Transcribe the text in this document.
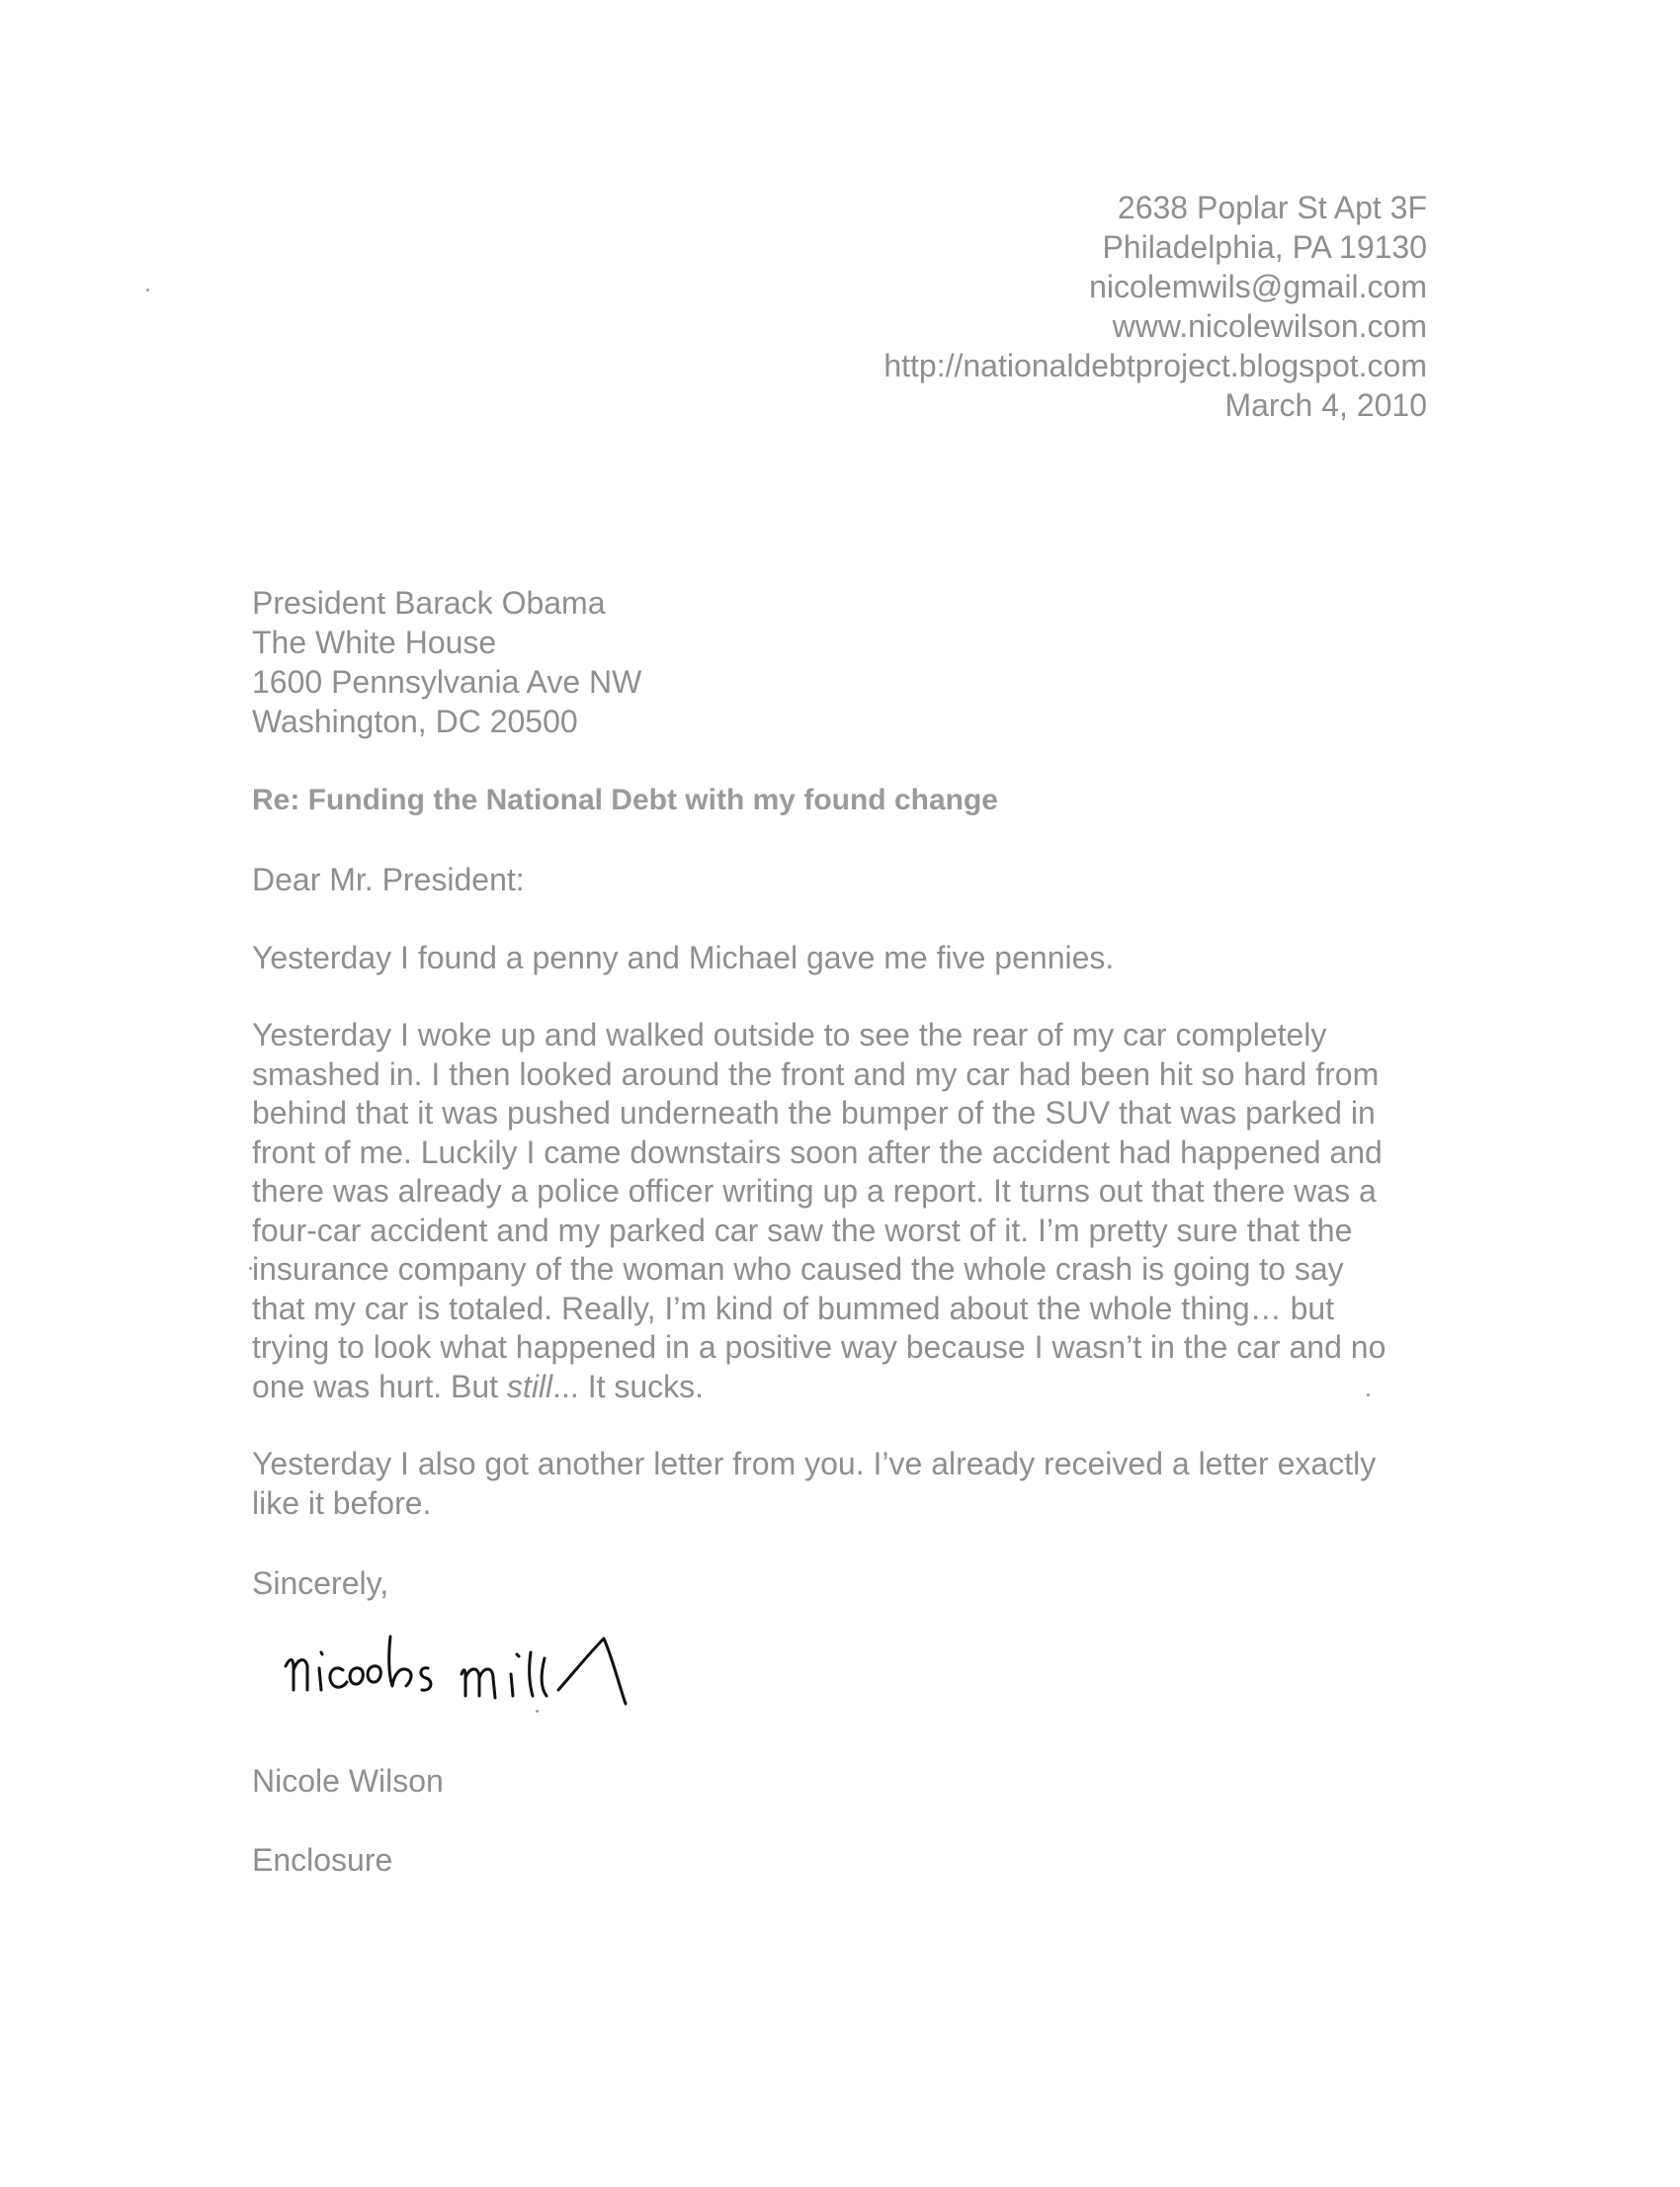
2638 Poplar St Apt 3F
Philadelphia, PA 19130
nicolemwils@gmail.com
www.nicolewilson.com
http://nationaldebtproject.blogspot.com
March 4, 2010
President Barack Obama
The White House
1600 Pennsylvania Ave NW
Washington, DC 20500
Re: Funding the National Debt with my found change
Dear Mr. President:
Yesterday I found a penny and Michael gave me five pennies.
Yesterday I woke up and walked outside to see the rear of my car completely
smashed in. I then looked around the front and my car had been hit so hard from
behind that it was pushed underneath the bumper of the SUV that was parked in
front of me. Luckily I came downstairs soon after the accident had happened and
there was already a police officer writing up a report. It turns out that there was a
four-car accident and my parked car saw the worst of it. I’m pretty sure that the
insurance company of the woman who caused the whole crash is going to say
that my car is totaled. Really, I’m kind of bummed about the whole thing… but
trying to look what happened in a positive way because I wasn’t in the car and no
one was hurt. But still... It sucks.
Yesterday I also got another letter from you. I’ve already received a letter exactly
like it before.
Sincerely,
Nicole Wilson
Enclosure
